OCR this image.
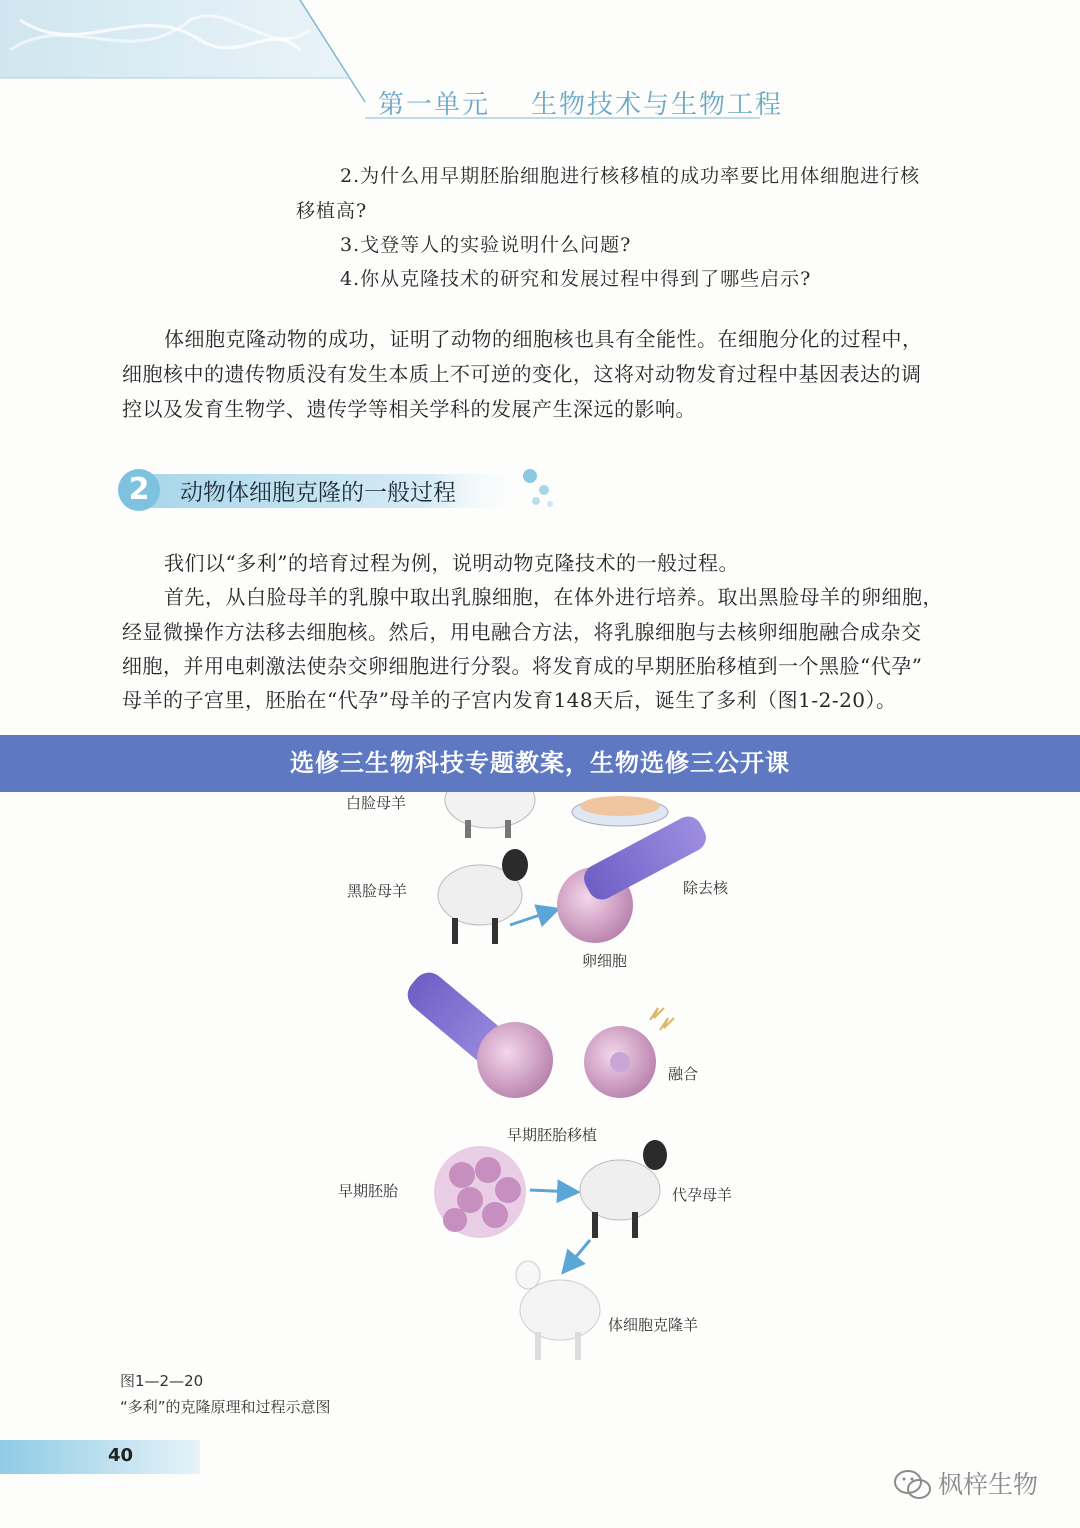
第一单元    生物技术与生物工程
2.为什么用早期胚胎细胞进行核移植的成功率要比用体细胞进行核
移植高?
3.戈登等人的实验说明什么问题?
4.你从克隆技术的研究和发展过程中得到了哪些启示?
体细胞克隆动物的成功，证明了动物的细胞核也具有全能性。在细胞分化的过程中，
细胞核中的遗传物质没有发生本质上不可逆的变化，这将对动物发育过程中基因表达的调
控以及发育生物学、遗传学等相关学科的发展产生深远的影响。
2	动物体细胞克隆的一般过程
我们以“多利”的培育过程为例，说明动物克隆技术的一般过程。
首先，从白脸母羊的乳腺中取出乳腺细胞，在体外进行培养。取出黑脸母羊的卵细胞，
经显微操作方法移去细胞核。然后，用电融合方法，将乳腺细胞与去核卵细胞融合成杂交
细胞，并用电刺激法使杂交卵细胞进行分裂。将发育成的早期胚胎移植到一个黑脸“代孕”
母羊的子宫里，胚胎在“代孕”母羊的子宫内发育148天后，诞生了多利（图1-2-20）。
白脸母羊
黑脸母羊	除去核
卵细胞
融合
早期胚胎移植
早期胚胎	代孕母羊
体细胞克隆羊
图1—2—20
“多利”的克隆原理和过程示意图
40
枫梓生物
选修三生物科技专题教案，生物选修三公开课
